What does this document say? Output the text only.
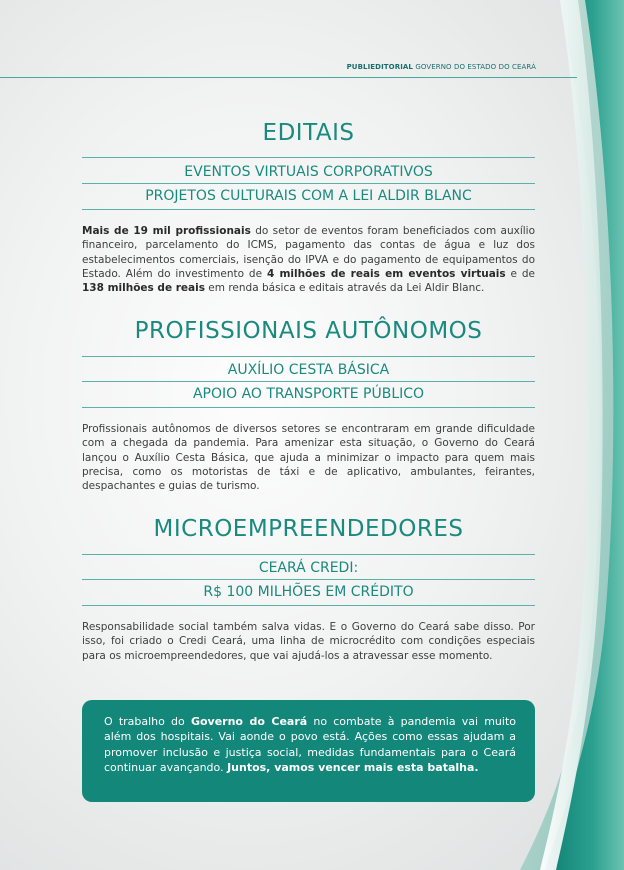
PUBLIEDITORIAL GOVERNO DO ESTADO DO CEARÁ
EDITAIS
EVENTOS VIRTUAIS CORPORATIVOS
PROJETOS CULTURAIS COM A LEI ALDIR BLANC

Mais de 19 mil profissionais do setor de eventos foram beneficiados com auxílio financeiro, parcelamento do ICMS, pagamento das contas de água e luz dos estabelecimentos comerciais, isenção do IPVA e do pagamento de equipamentos do Estado. Além do investimento de 4 milhões de reais em eventos virtuais e de 138 milhões de reais em renda básica e editais através da Lei Aldir Blanc.

PROFISSIONAIS AUTÔNOMOS
AUXÍLIO CESTA BÁSICA
APOIO AO TRANSPORTE PÚBLICO

Profissionais autônomos de diversos setores se encontraram em grande dificuldade com a chegada da pandemia. Para amenizar esta situação, o Governo do Ceará lançou o Auxílio Cesta Básica, que ajuda a minimizar o impacto para quem mais precisa, como os motoristas de táxi e de aplicativo, ambulantes, feirantes, despachantes e guias de turismo.

MICROEMPREENDEDORES
CEARÁ CREDI:
R$ 100 MILHÕES EM CRÉDITO

Responsabilidade social também salva vidas. E o Governo do Ceará sabe disso. Por isso, foi criado o Credi Ceará, uma linha de microcrédito com condições especiais para os microempreendedores, que vai ajudá-los a atravessar esse momento.

O trabalho do Governo do Ceará no combate à pandemia vai muito além dos hospitais. Vai aonde o povo está. Ações como essas ajudam a promover inclusão e justiça social, medidas fundamentais para o Ceará continuar avançando. Juntos, vamos vencer mais esta batalha.
